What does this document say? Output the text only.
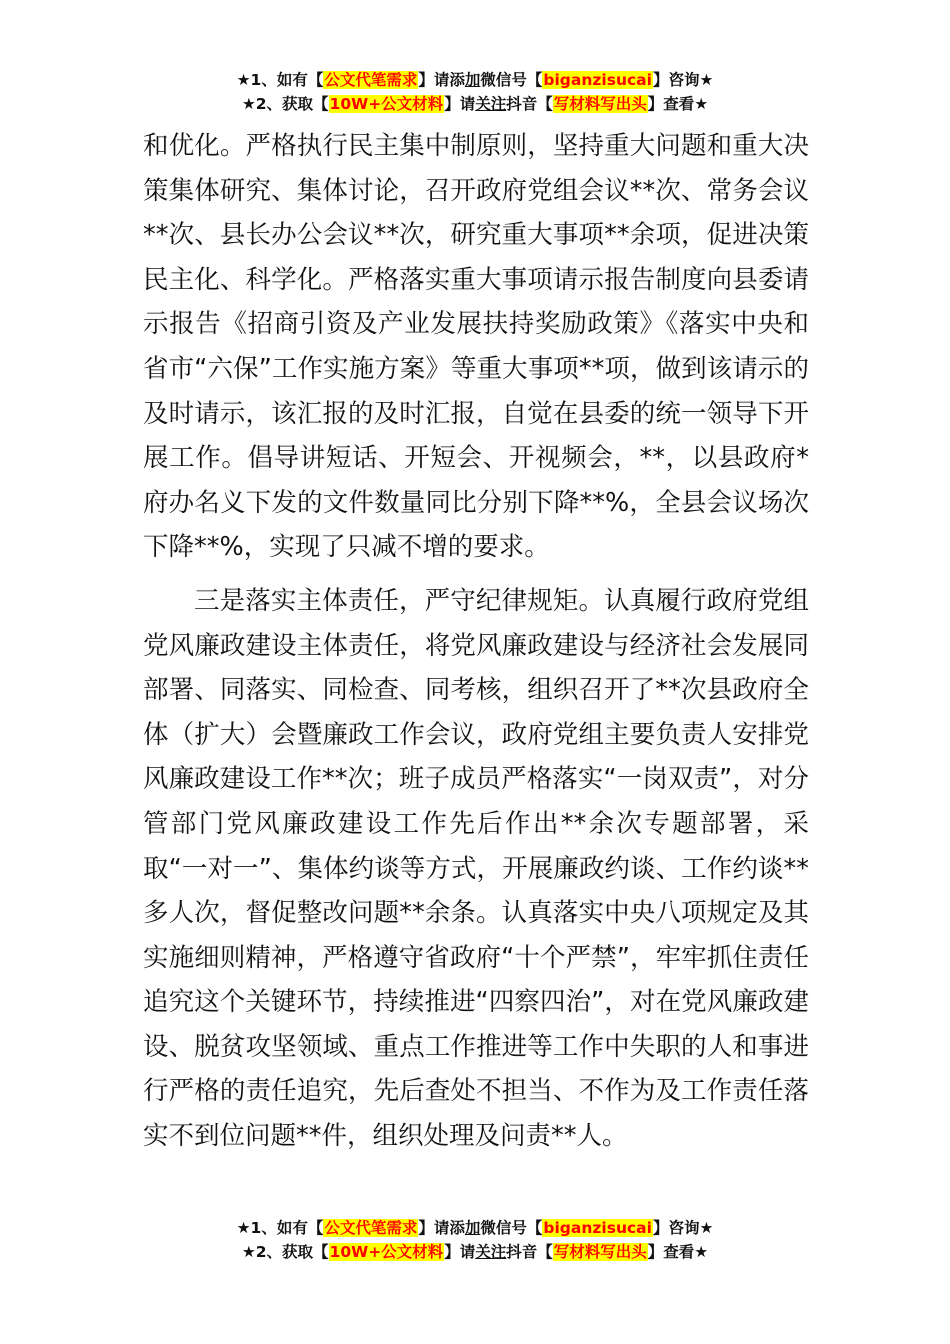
★1、如有【公文代笔需求】请添加微信号【biganzisucai】咨询★
★2、获取【10W+公文材料】请关注抖音【写材料写出头】查看★

和优化。严格执行民主集中制原则，坚持重大问题和重大决策集体研究、集体讨论，召开政府党组会议**次、常务会议**次、县长办公会议**次，研究重大事项**余项，促进决策民主化、科学化。严格落实重大事项请示报告制度向县委请示报告《招商引资及产业发展扶持奖励政策》《落实中央和省市“六保”工作实施方案》等重大事项**项，做到该请示的及时请示，该汇报的及时汇报，自觉在县委的统一领导下开展工作。倡导讲短话、开短会、开视频会，**，以县政府*府办名义下发的文件数量同比分别下降**%，全县会议场次下降**%，实现了只减不增的要求。

三是落实主体责任，严守纪律规矩。认真履行政府党组党风廉政建设主体责任，将党风廉政建设与经济社会发展同部署、同落实、同检查、同考核，组织召开了**次县政府全体（扩大）会暨廉政工作会议，政府党组主要负责人安排党风廉政建设工作**次；班子成员严格落实“一岗双责”，对分管部门党风廉政建设工作先后作出**余次专题部署，采取“一对一”、集体约谈等方式，开展廉政约谈、工作约谈**多人次，督促整改问题**余条。认真落实中央八项规定及其实施细则精神，严格遵守省政府“十个严禁”，牢牢抓住责任追究这个关键环节，持续推进“四察四治”，对在党风廉政建设、脱贫攻坚领域、重点工作推进等工作中失职的人和事进行严格的责任追究，先后查处不担当、不作为及工作责任落实不到位问题**件，组织处理及问责**人。

★1、如有【公文代笔需求】请添加微信号【biganzisucai】咨询★
★2、获取【10W+公文材料】请关注抖音【写材料写出头】查看★
